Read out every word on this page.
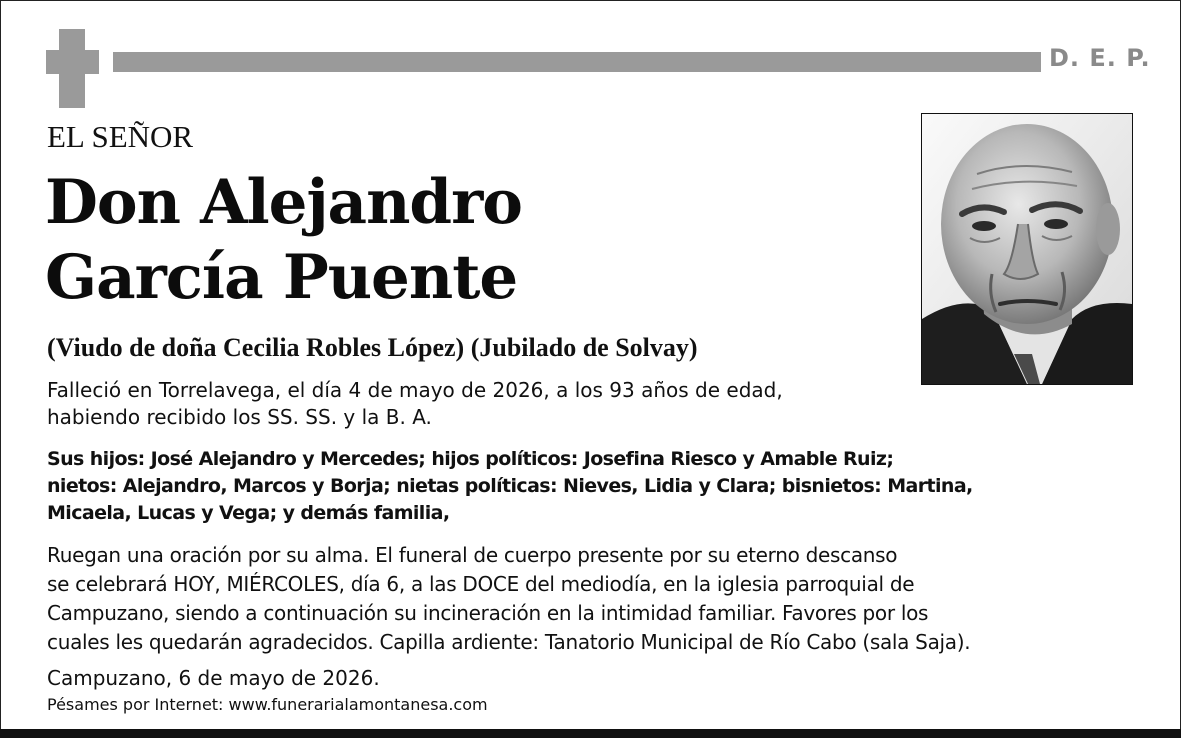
D. E. P.
EL SEÑOR
Don Alejandro
García Puente
(Viudo de doña Cecilia Robles López) (Jubilado de Solvay)

Falleció en Torrelavega, el día 4 de mayo de 2026, a los 93 años de edad,
habiendo recibido los SS. SS. y la B. A.

Sus hijos: José Alejandro y Mercedes; hijos políticos: Josefina Riesco y Amable Ruiz;
nietos: Alejandro, Marcos y Borja; nietas políticas: Nieves, Lidia y Clara; bisnietos: Martina,
Micaela, Lucas y Vega; y demás familia,

Ruegan una oración por su alma. El funeral de cuerpo presente por su eterno descanso
se celebrará HOY, MIÉRCOLES, día 6, a las DOCE del mediodía, en la iglesia parroquial de
Campuzano, siendo a continuación su incineración en la intimidad familiar. Favores por los
cuales les quedarán agradecidos. Capilla ardiente: Tanatorio Municipal de Río Cabo (sala Saja).

Campuzano, 6 de mayo de 2026.
Pésames por Internet: www.funerarialamontanesa.com
